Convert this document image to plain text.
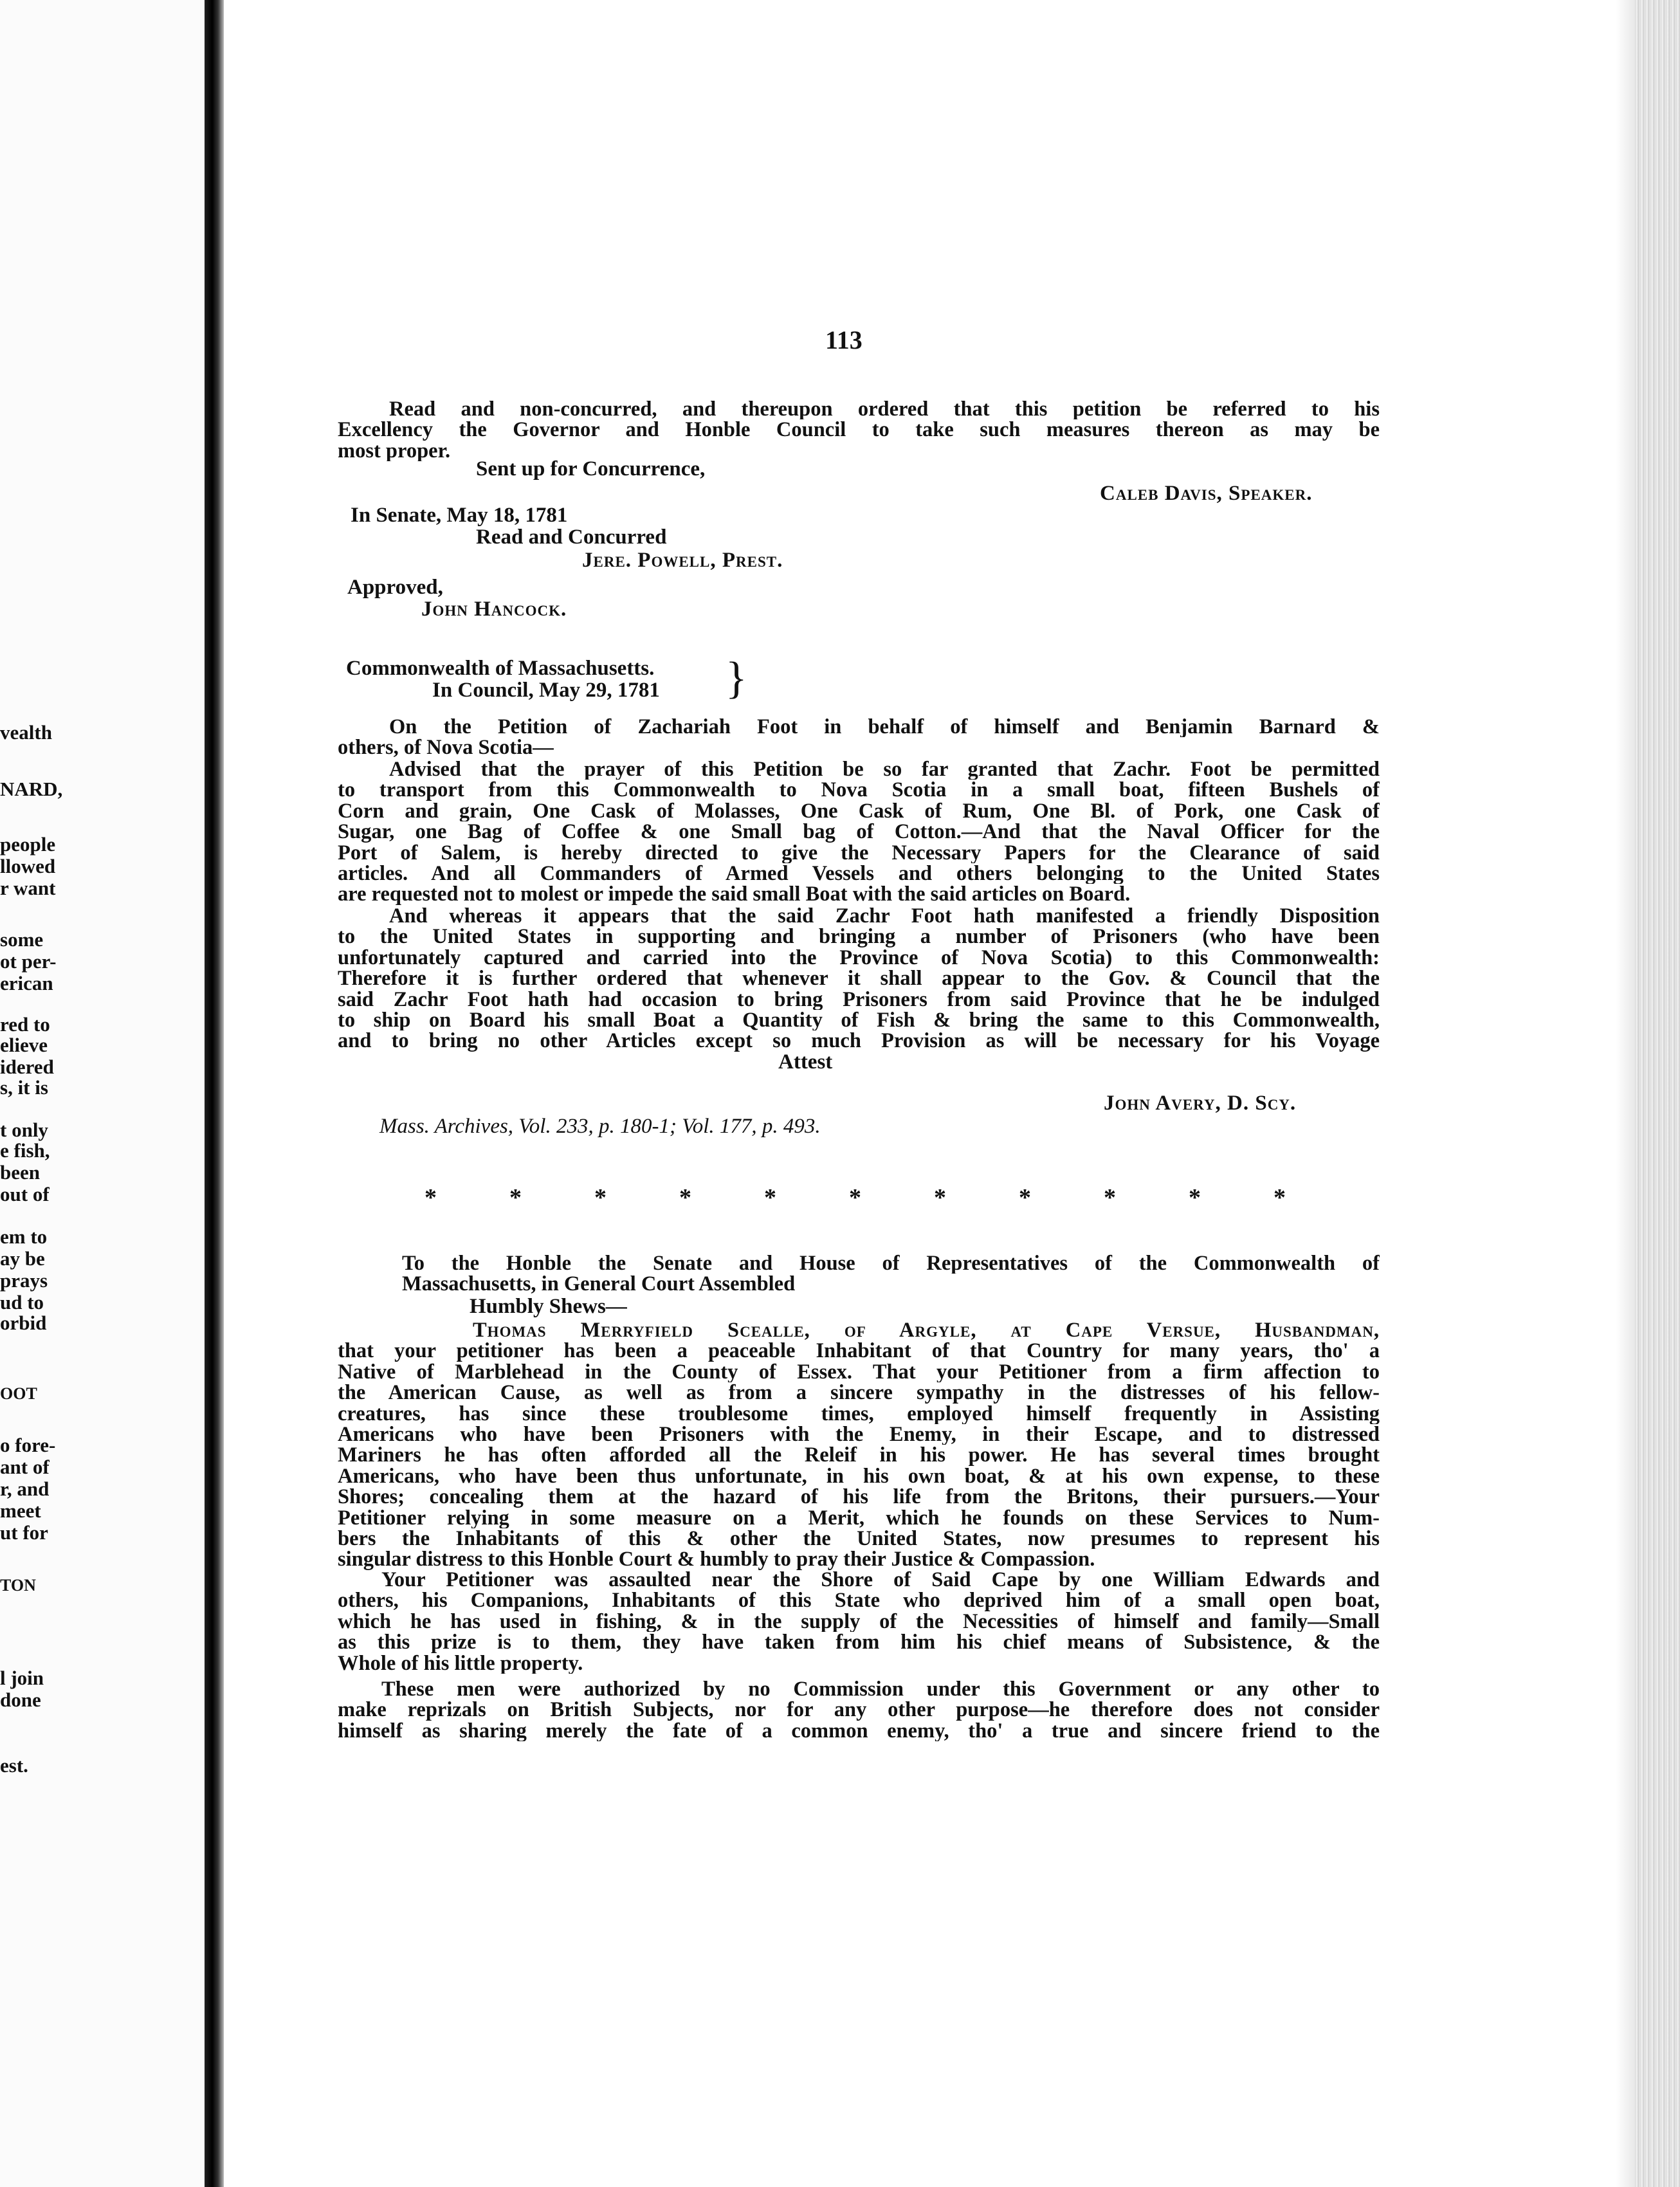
vealth
NARD,
people
llowed
r want
some
ot per-
erican
red to
elieve
idered
s, it is
t only
e fish,
been
out of
em to
ay be
prays
ud to
orbid
OOT
o fore-
ant of
r, and
meet
ut for
TON
l join
done
est.
113
Read and non-concurred, and thereupon ordered that this petition be referred to his
Excellency the Governor and Honble Council to take such measures thereon as may be
most proper.
Sent up for Concurrence,
Caleb Davis, Speaker.
In Senate, May 18, 1781
Read and Concurred
Jere. Powell, Prest.
Approved,
John Hancock.
Commonwealth of Massachusetts.
In Council, May 29, 1781 }
On the Petition of Zachariah Foot in behalf of himself and Benjamin Barnard &
others, of Nova Scotia—
Advised that the prayer of this Petition be so far granted that Zachr. Foot be permitted
to transport from this Commonwealth to Nova Scotia in a small boat, fifteen Bushels of
Corn and grain, One Cask of Molasses, One Cask of Rum, One Bl. of Pork, one Cask of
Sugar, one Bag of Coffee & one Small bag of Cotton.—And that the Naval Officer for the
Port of Salem, is hereby directed to give the Necessary Papers for the Clearance of said
articles. And all Commanders of Armed Vessels and others belonging to the United States
are requested not to molest or impede the said small Boat with the said articles on Board.
And whereas it appears that the said Zachr Foot hath manifested a friendly Disposition
to the United States in supporting and bringing a number of Prisoners (who have been
unfortunately captured and carried into the Province of Nova Scotia) to this Commonwealth:
Therefore it is further ordered that whenever it shall appear to the Gov. & Council that the
said Zachr Foot hath had occasion to bring Prisoners from said Province that he be indulged
to ship on Board his small Boat a Quantity of Fish & bring the same to this Commonwealth,
and to bring no other Articles except so much Provision as will be necessary for his Voyage
Attest
John Avery, D. Scy.
Mass. Archives, Vol. 233, p. 180-1; Vol. 177, p. 493.
*	*	*	*	*	*	*	*	*	*	*
To the Honble the Senate and House of Representatives of the Commonwealth of
Massachusetts, in General Court Assembled
Humbly Shews—
Thomas Merryfield Scealle, of Argyle, at Cape Versue, Husbandman,
that your petitioner has been a peaceable Inhabitant of that Country for many years, tho' a
Native of Marblehead in the County of Essex. That your Petitioner from a firm affection to
the American Cause, as well as from a sincere sympathy in the distresses of his fellow-
creatures, has since these troublesome times, employed himself frequently in Assisting
Americans who have been Prisoners with the Enemy, in their Escape, and to distressed
Mariners he has often afforded all the Releif in his power. He has several times brought
Americans, who have been thus unfortunate, in his own boat, & at his own expense, to these
Shores; concealing them at the hazard of his life from the Britons, their pursuers.—Your
Petitioner relying in some measure on a Merit, which he founds on these Services to Num-
bers the Inhabitants of this & other the United States, now presumes to represent his
singular distress to this Honble Court & humbly to pray their Justice & Compassion.
Your Petitioner was assaulted near the Shore of Said Cape by one William Edwards and
others, his Companions, Inhabitants of this State who deprived him of a small open boat,
which he has used in fishing, & in the supply of the Necessities of himself and family—Small
as this prize is to them, they have taken from him his chief means of Subsistence, & the
Whole of his little property.
These men were authorized by no Commission under this Government or any other to
make reprizals on British Subjects, nor for any other purpose—he therefore does not consider
himself as sharing merely the fate of a common enemy, tho' a true and sincere friend to the
